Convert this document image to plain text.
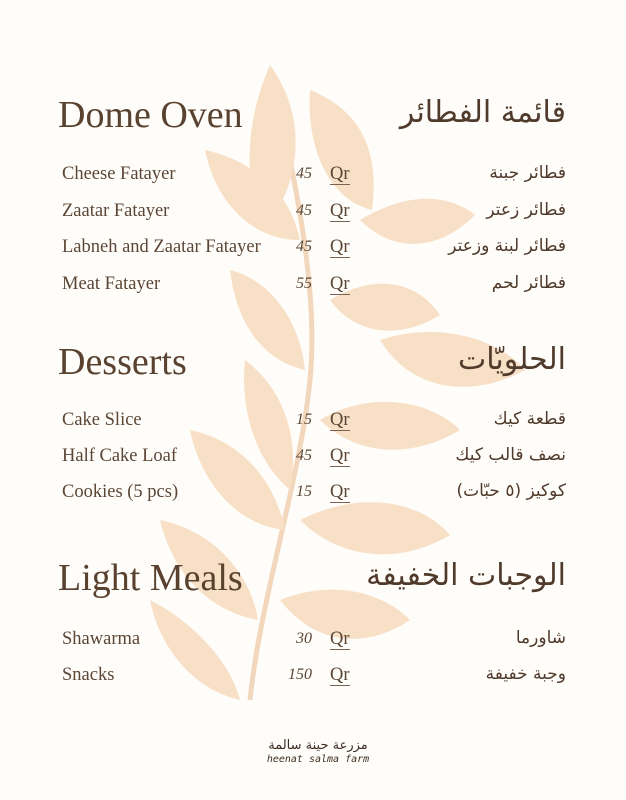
Dome Oven	قائمة الفطائر
Cheese Fatayer	45 Qr	فطائر جبنة
Zaatar Fatayer	45 Qr	فطائر زعتر
Labneh and Zaatar Fatayer	45 Qr	فطائر لبنة وزعتر
Meat Fatayer	55 Qr	فطائر لحم
Desserts	الحلويّات
Cake Slice	15 Qr	قطعة كيك
Half Cake Loaf	45 Qr	نصف قالب كيك
Cookies (5 pcs)	15 Qr	كوكيز (٥ حبّات)
Light Meals	الوجبات الخفيفة
Shawarma	30 Qr	شاورما
Snacks	150 Qr	وجبة خفيفة
مزرعة حينة سالمة
heenat salma farm
